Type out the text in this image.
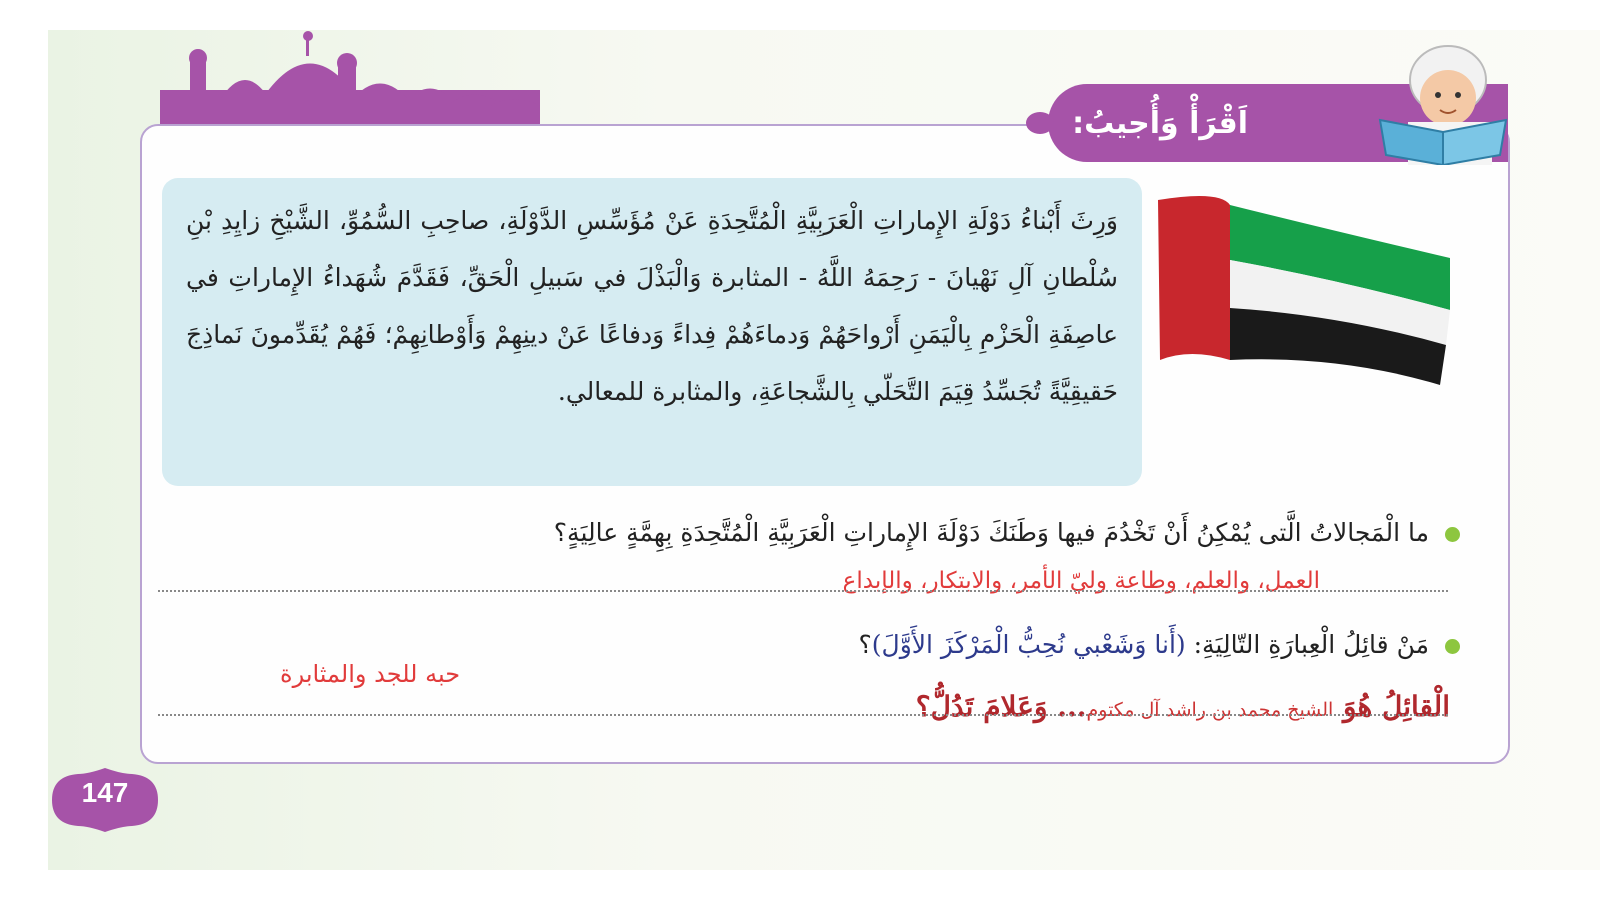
اَقْرَأْ وَأُجيبُ:

وَرِثَ أَبْناءُ دَوْلَةِ الإِماراتِ الْعَرَبِيَّةِ الْمُتَّحِدَةِ عَنْ مُؤَسِّسِ الدَّوْلَةِ، صاحِبِ السُّمُوِّ، الشَّيْخِ زايِدِ بْنِ سُلْطانِ آلِ نَهْيانَ - رَحِمَهُ اللَّهُ - المثابرة وَالْبَذْلَ في سَبيلِ الْحَقِّ، فَقَدَّمَ شُهَداءُ الإِماراتِ في عاصِفَةِ الْحَزْمِ بِالْيَمَنِ أَرْواحَهُمْ وَدماءَهُمْ فِداءً وَدفاعًا عَنْ دينِهِمْ وَأَوْطانِهِمْ؛ فَهُمْ يُقَدِّمونَ نَماذِجَ حَقيقِيَّةً تُجَسِّدُ قِيَمَ التَّحَلّي بِالشَّجاعَةِ، والمثابرة للمعالي.

ما الْمَجالاتُ الَّتى يُمْكِنُ أَنْ تَخْدُمَ فيها وَطَنَكَ دَوْلَةَ الإِماراتِ الْعَرَبِيَّةِ الْمُتَّحِدَةِ بِهِمَّةٍ عالِيَةٍ؟
العمل، والعلم، وطاعة وليّ الأمر، والابتكار، والإبداع
مَنْ قائِلُ الْعِبارَةِ التّالِيَةِ: (أَنا وَشَعْبي نُحِبُّ الْمَرْكَزَ الأَوَّلَ)؟
حبه للجد والمثابرة
الْقائِلُ هُوَ الشيخ محمد بن راشد آل مكتوم... وَعَلامَ تَدُلُّ؟
147
